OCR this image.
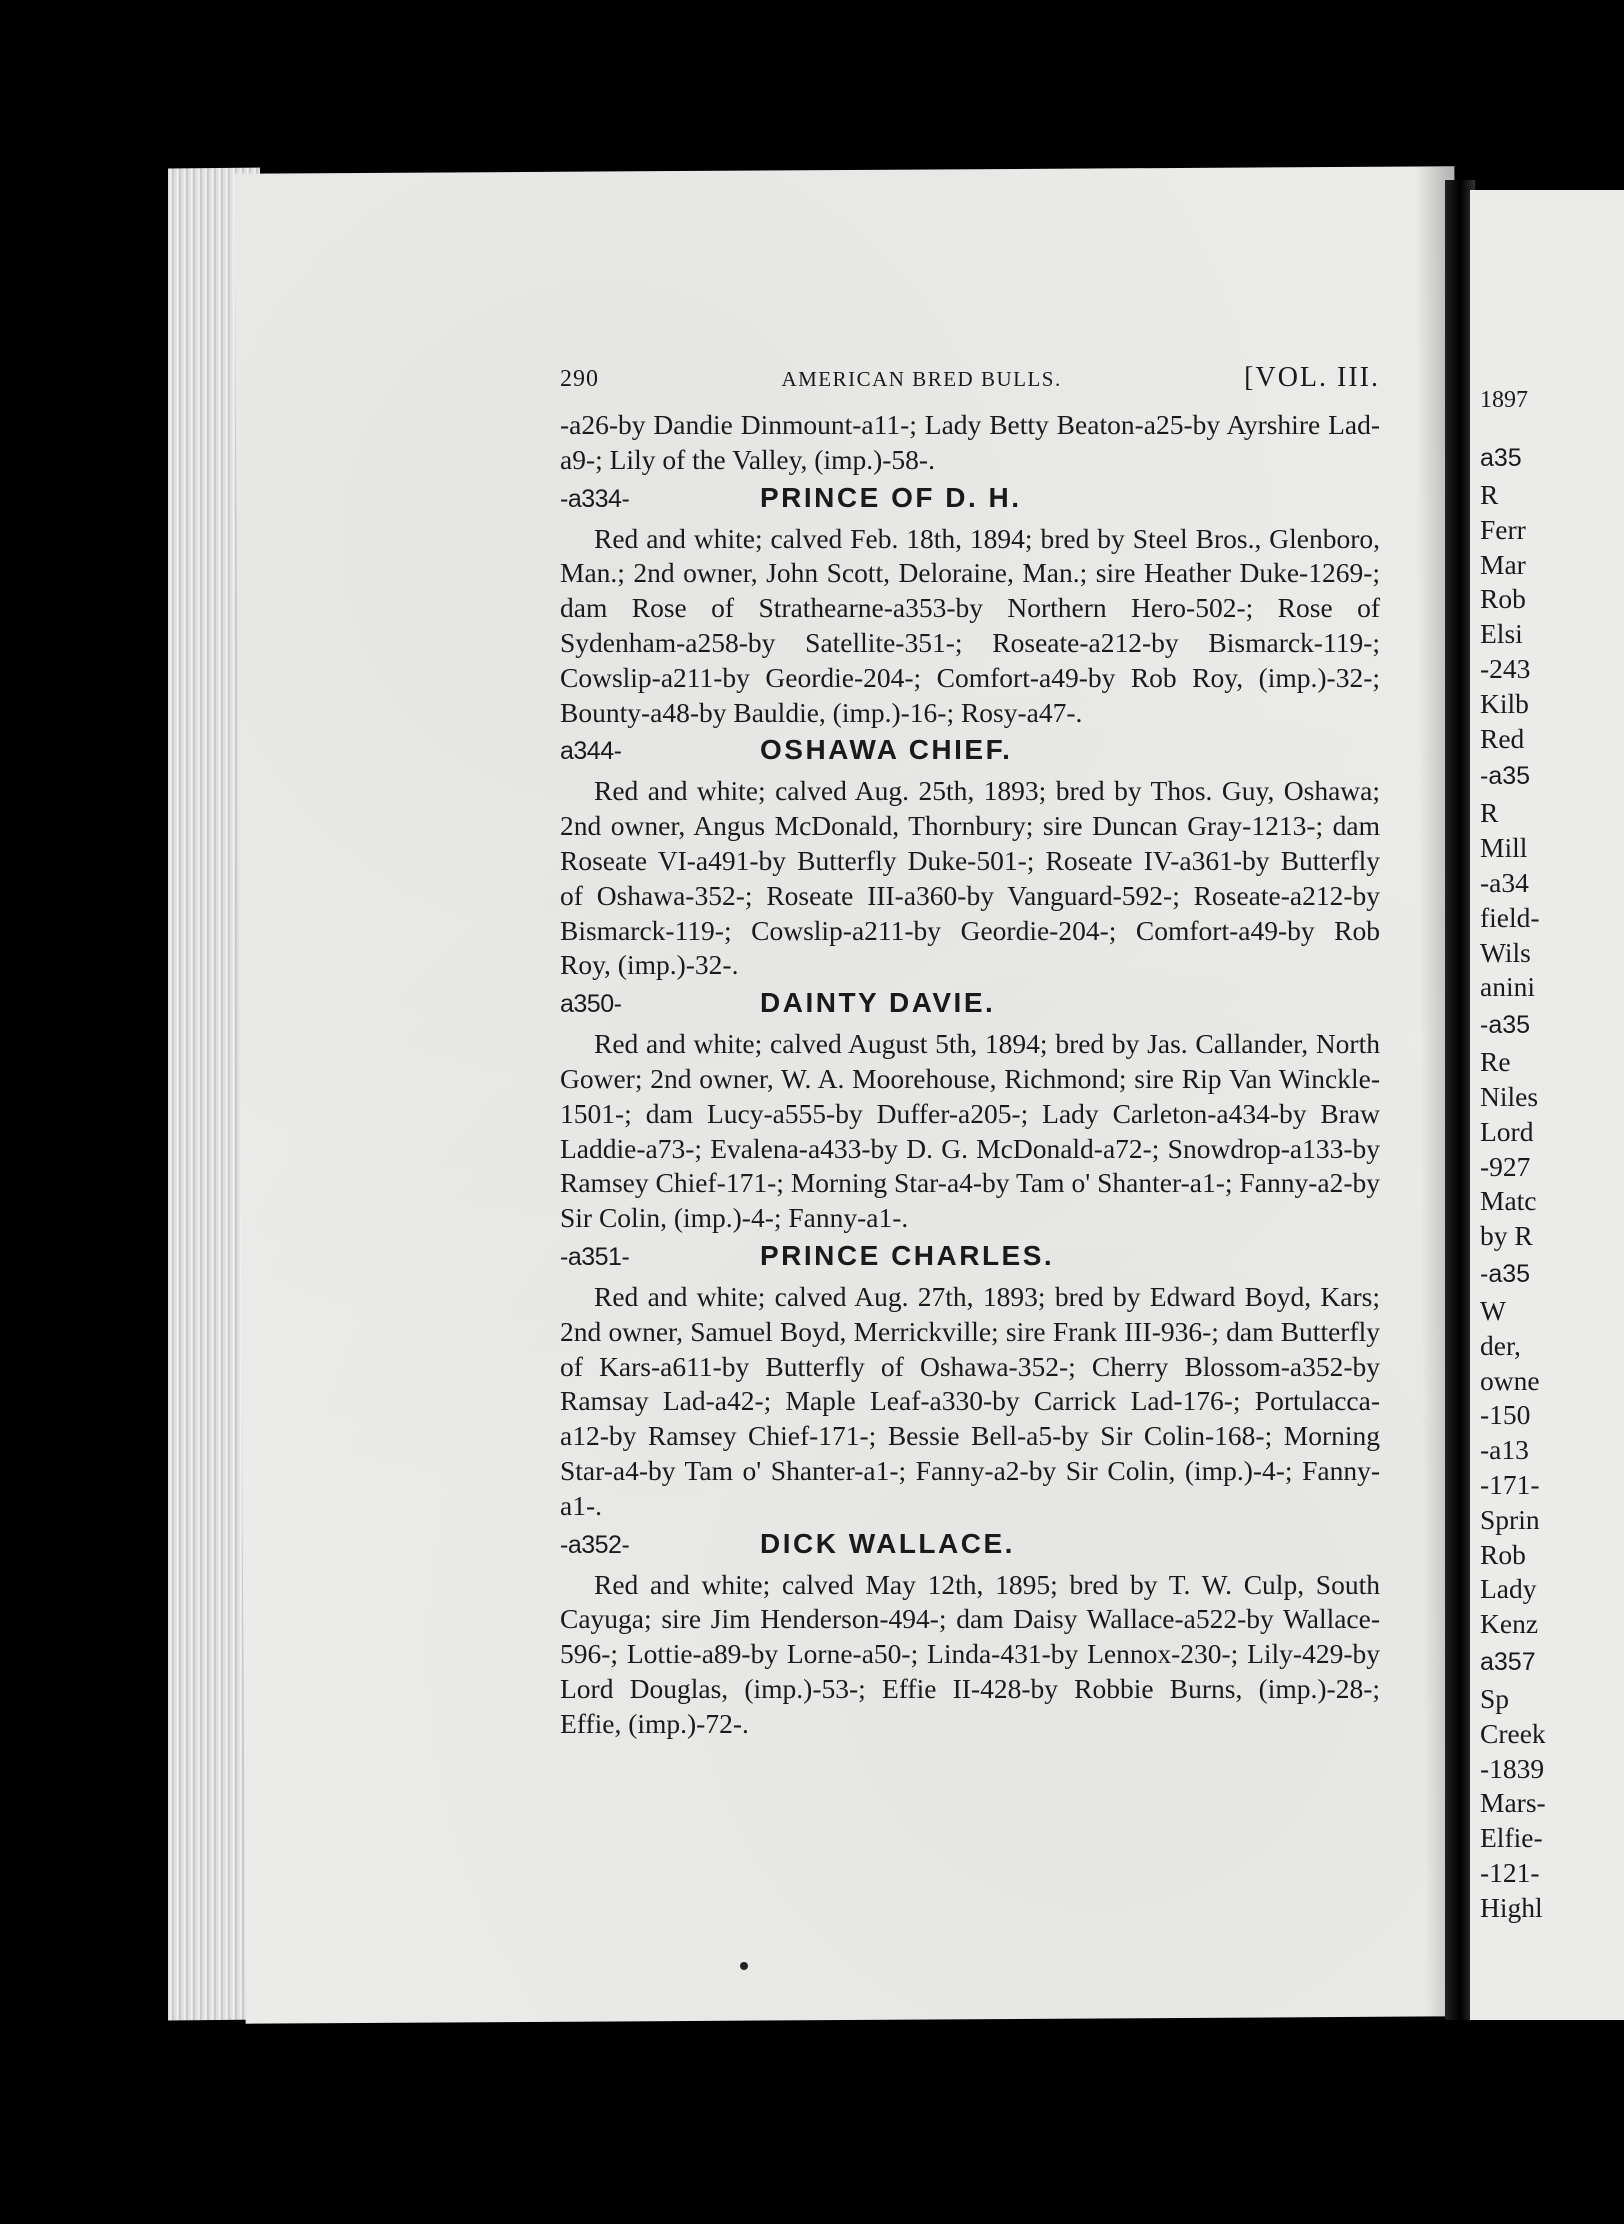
1897
a35
R
Ferr
Mar
Rob
Elsi
-243
Kilb
Red
-a35
R
Mill
-a34
field-
Wils
anini
-a35
Re
Niles
Lord
-927
Matc
by R
-a35
W
der,
owne
-150
-a13
-171-
Sprin
Rob
Lady
Kenz
a357
Sp
Creek
-1839
Mars-
Elfie-
-121-
Highl
290	AMERICAN BRED BULLS.	[VOL. III.

-a26-by Dandie Dinmount-a11-; Lady Betty Beaton-a25-by Ayrshire Lad-a9-; Lily of the Valley, (imp.)-58-.

-a334-	PRINCE OF D. H.

Red and white; calved Feb. 18th, 1894; bred by Steel Bros., Glenboro, Man.; 2nd owner, John Scott, Deloraine, Man.; sire Heather Duke-1269-; dam Rose of Strathearne-a353-by Northern Hero-502-; Rose of Sydenham-a258-by Satellite-351-; Roseate-a212-by Bismarck-119-; Cowslip-a211-by Geordie-204-; Comfort-a49-by Rob Roy, (imp.)-32-; Bounty-a48-by Bauldie, (imp.)-16-; Rosy-a47-.

a344-	OSHAWA CHIEF.

Red and white; calved Aug. 25th, 1893; bred by Thos. Guy, Oshawa; 2nd owner, Angus McDonald, Thornbury; sire Duncan Gray-1213-; dam Roseate VI-a491-by Butterfly Duke-501-; Roseate IV-a361-by Butterfly of Oshawa-352-; Roseate III-a360-by Vanguard-592-; Roseate-a212-by Bismarck-119-; Cowslip-a211-by Geordie-204-; Comfort-a49-by Rob Roy, (imp.)-32-.

a350-	DAINTY DAVIE.

Red and white; calved August 5th, 1894; bred by Jas. Callander, North Gower; 2nd owner, W. A. Moorehouse, Richmond; sire Rip Van Winckle-1501-; dam Lucy-a555-by Duffer-a205-; Lady Carleton-a434-by Braw Laddie-a73-; Evalena-a433-by D. G. McDonald-a72-; Snowdrop-a133-by Ramsey Chief-171-; Morning Star-a4-by Tam o' Shanter-a1-; Fanny-a2-by Sir Colin, (imp.)-4-; Fanny-a1-.

-a351-	PRINCE CHARLES.

Red and white; calved Aug. 27th, 1893; bred by Edward Boyd, Kars; 2nd owner, Samuel Boyd, Merrickville; sire Frank III-936-; dam Butterfly of Kars-a611-by Butterfly of Oshawa-352-; Cherry Blossom-a352-by Ramsay Lad-a42-; Maple Leaf-a330-by Carrick Lad-176-; Portulacca-a12-by Ramsey Chief-171-; Bessie Bell-a5-by Sir Colin-168-; Morning Star-a4-by Tam o' Shanter-a1-; Fanny-a2-by Sir Colin, (imp.)-4-; Fanny-a1-.

-a352-	DICK WALLACE.

Red and white; calved May 12th, 1895; bred by T. W. Culp, South Cayuga; sire Jim Henderson-494-; dam Daisy Wallace-a522-by Wallace-596-; Lottie-a89-by Lorne-a50-; Linda-431-by Lennox-230-; Lily-429-by Lord Douglas, (imp.)-53-; Effie II-428-by Robbie Burns, (imp.)-28-; Effie, (imp.)-72-.
